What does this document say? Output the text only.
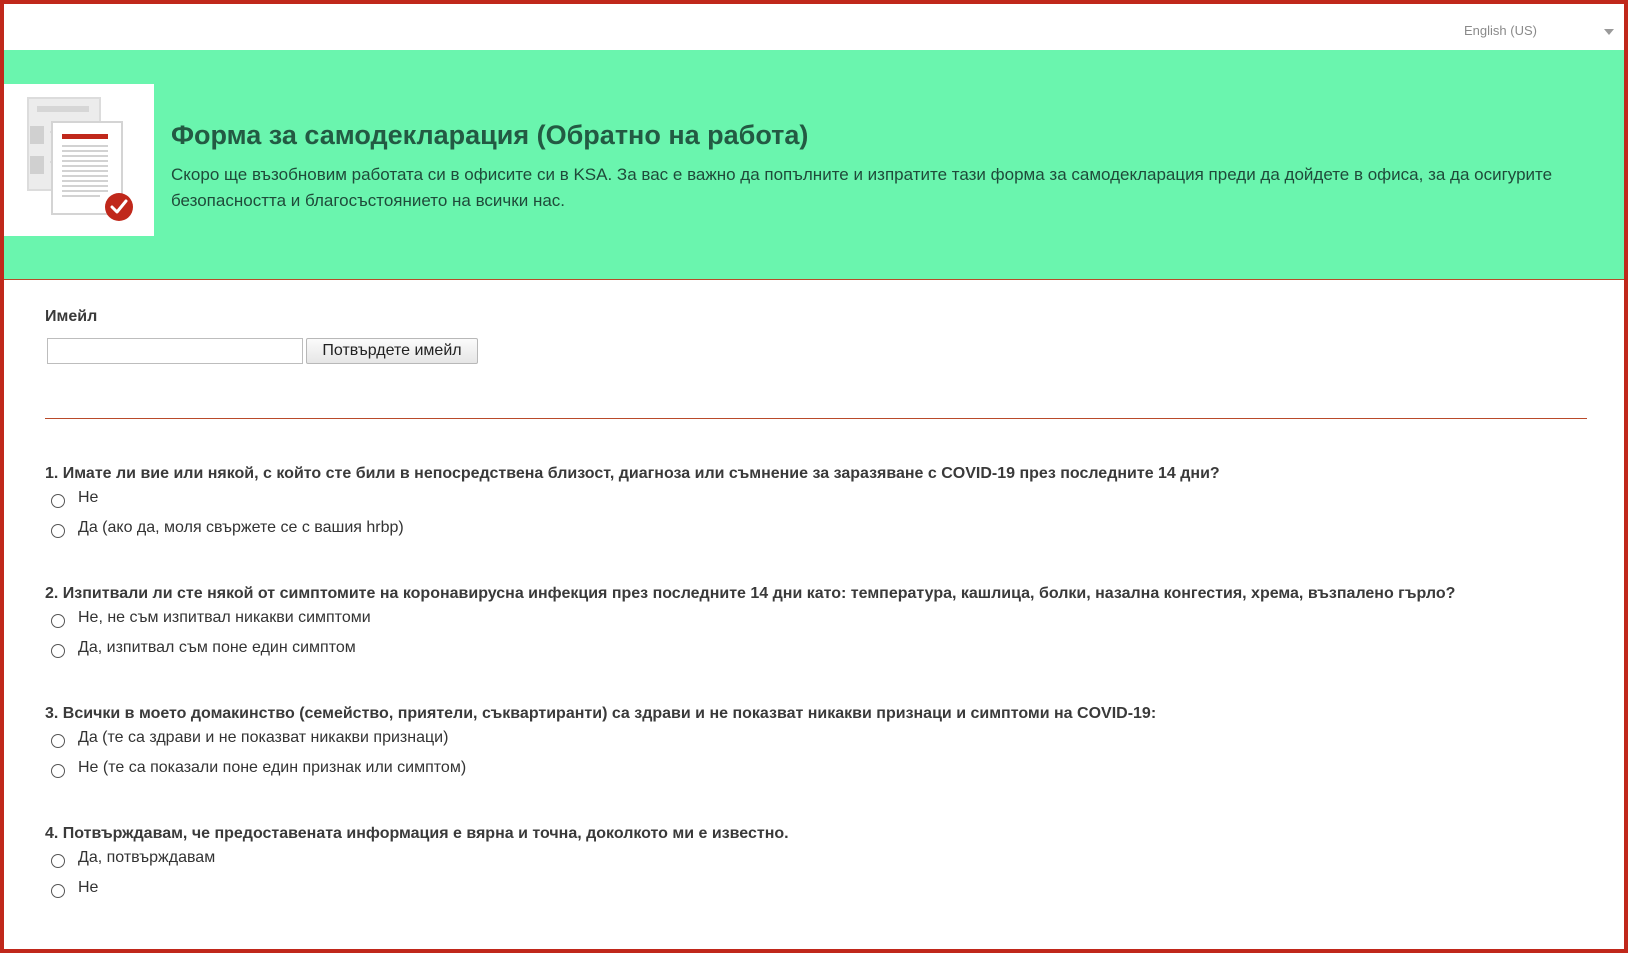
English (US)
Форма за самодекларация (Обратно на работа)
Скоро ще възобновим работата си в офисите си в KSA. За вас е важно да попълните и изпратите тази форма за самодекларация преди да дойдете в офиса, за да осигурите безопасността и благосъстоянието на всички нас.
Имейл
Потвърдете имейл
1. Имате ли вие или някой, с който сте били в непосредствена близост, диагноза или съмнение за заразяване с COVID-19 през последните 14 дни?
Не
Да (ако да, моля свържете се с вашия hrbp)
2. Изпитвали ли сте някой от симптомите на коронавирусна инфекция през последните 14 дни като: температура, кашлица, болки, назална конгестия, хрема, възпалено гърло?
Не, не съм изпитвал никакви симптоми
Да, изпитвал съм поне един симптом
3. Всички в моето домакинство (семейство, приятели, съквартиранти) са здрави и не показват никакви признаци и симптоми на COVID-19:
Да (те са здрави и не показват никакви признаци)
Не (те са показали поне един признак или симптом)
4. Потвърждавам, че предоставената информация е вярна и точна, доколкото ми е известно.
Да, потвърждавам
Не
